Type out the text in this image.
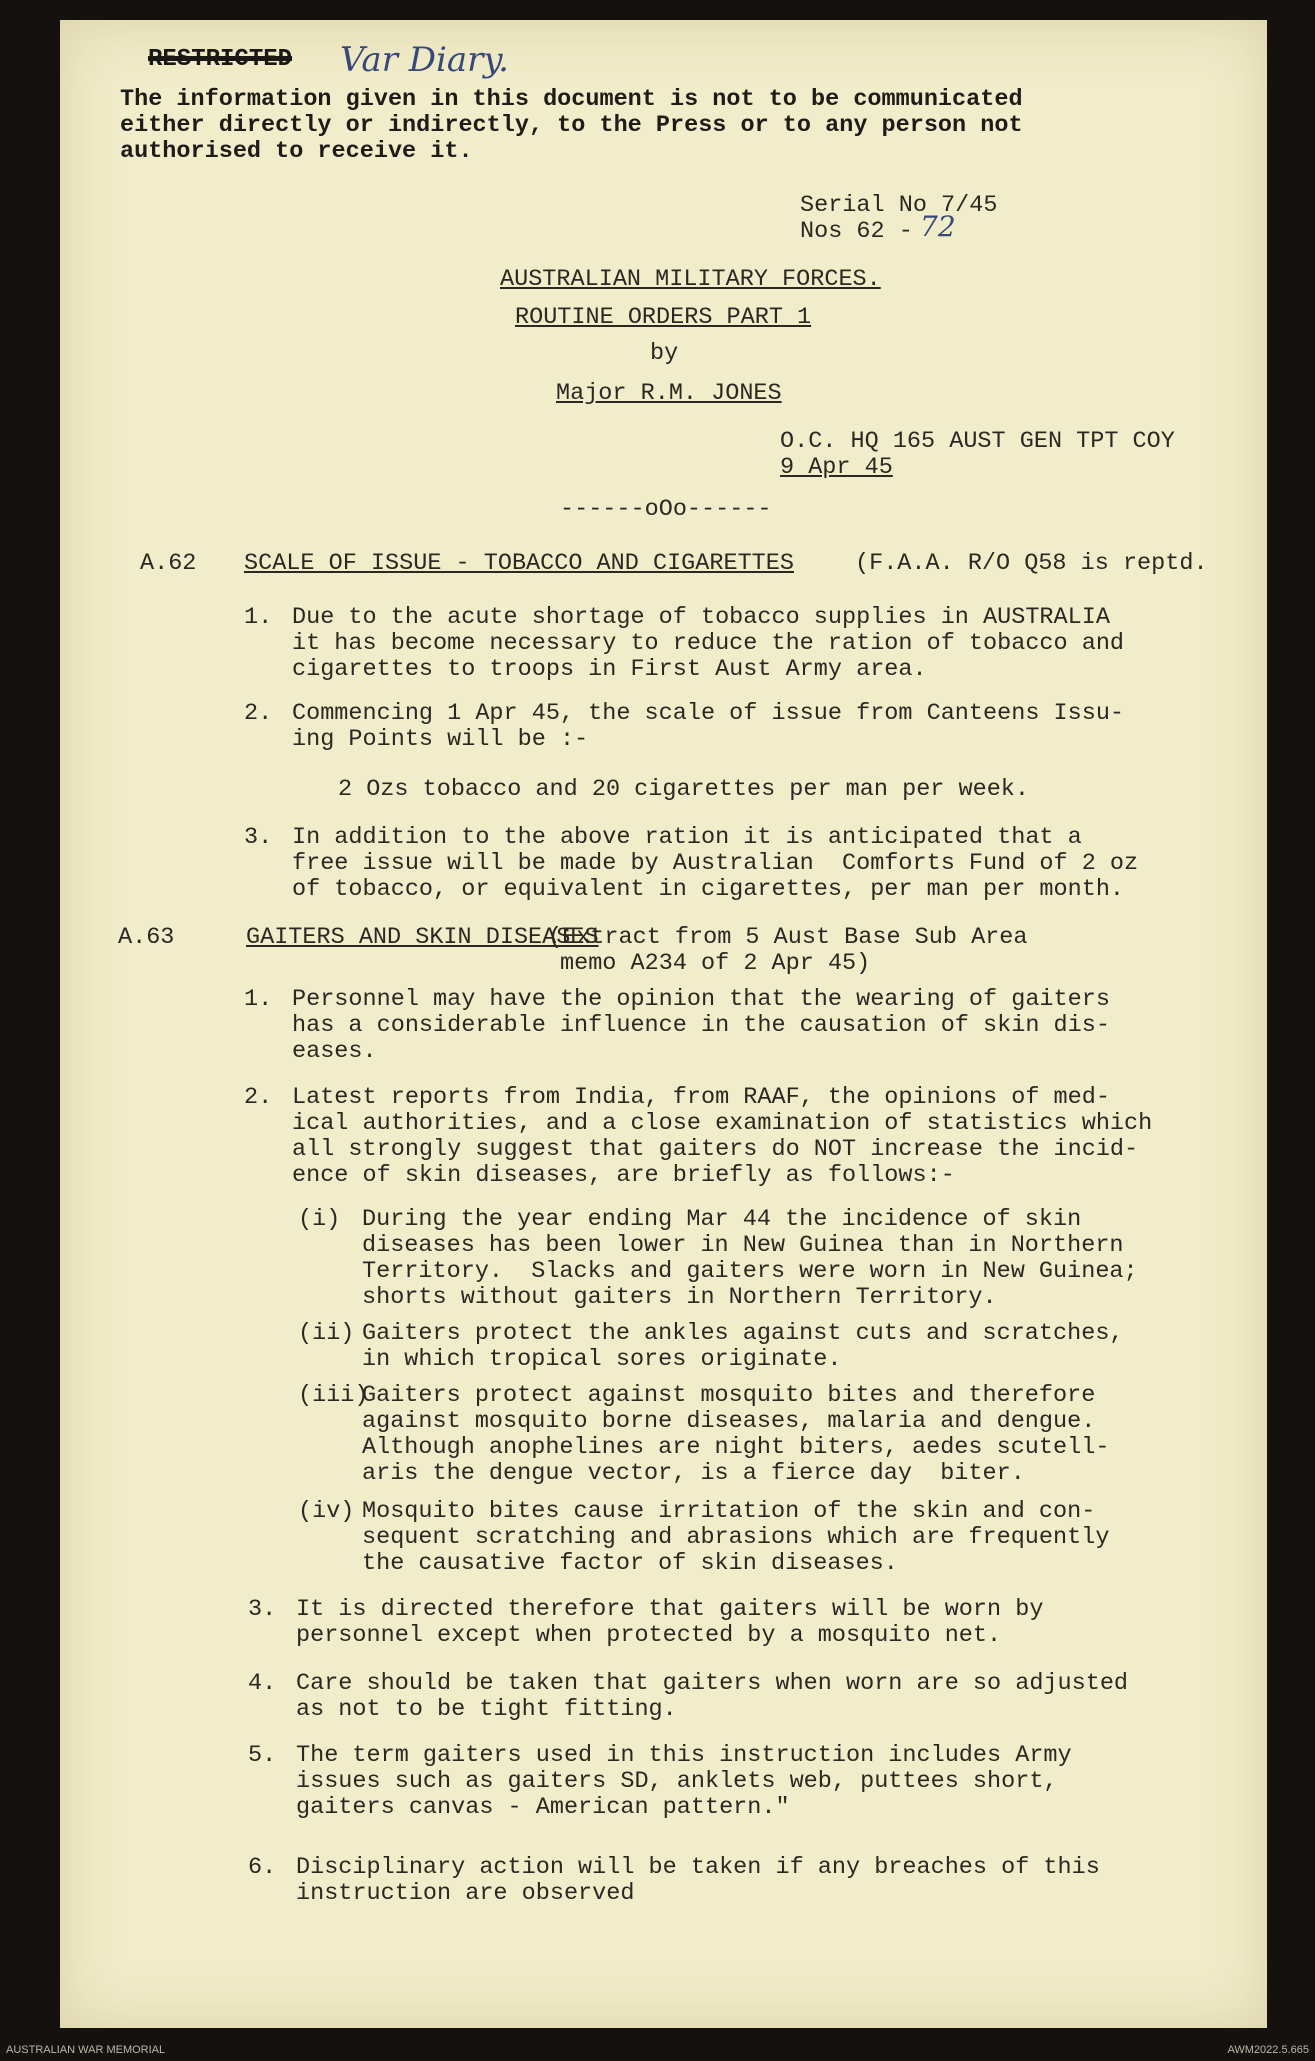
RESTRICTED Var Diary.
The information given in this document is not to be communicated
either directly or indirectly, to the Press or to any person not
authorised to receive it.
Serial No 7/45
Nos 62 - 72
AUSTRALIAN MILITARY FORCES.
ROUTINE ORDERS PART 1
by
Major R.M. JONES
O.C. HQ 165 AUST GEN TPT COY
9 Apr 45
------oOo------
A.62 SCALE OF ISSUE - TOBACCO AND CIGARETTES	(F.A.A. R/O Q58 is reptd.
1. Due to the acute shortage of tobacco supplies in AUSTRALIA
it has become necessary to reduce the ration of tobacco and
cigarettes to troops in First Aust Army area.
2. Commencing 1 Apr 45, the scale of issue from Canteens Issu-
ing Points will be :-
2 Ozs tobacco and 20 cigarettes per man per week.
3. In addition to the above ration it is anticipated that a
free issue will be made by Australian  Comforts Fund of 2 oz
of tobacco, or equivalent in cigarettes, per man per month.
A.63	GAITERS AND SKIN DISEASES
(Extract from 5 Aust Base Sub Area
memo A234 of 2 Apr 45)
1. Personnel may have the opinion that the wearing of gaiters
has a considerable influence in the causation of skin dis-
eases.
2. Latest reports from India, from RAAF, the opinions of med-
ical authorities, and a close examination of statistics which
all strongly suggest that gaiters do NOT increase the incid-
ence of skin diseases, are briefly as follows:-
(i) During the year ending Mar 44 the incidence of skin
diseases has been lower in New Guinea than in Northern
Territory.  Slacks and gaiters were worn in New Guinea;
shorts without gaiters in Northern Territory.
(ii) Gaiters protect the ankles against cuts and scratches,
in which tropical sores originate.
(iii)
Gaiters protect against mosquito bites and therefore
against mosquito borne diseases, malaria and dengue.
Although anophelines are night biters, aedes scutell-
aris the dengue vector, is a fierce day  biter.
(iv) Mosquito bites cause irritation of the skin and con-
sequent scratching and abrasions which are frequently
the causative factor of skin diseases.
3. It is directed therefore that gaiters will be worn by
personnel except when protected by a mosquito net.
4. Care should be taken that gaiters when worn are so adjusted
as not to be tight fitting.
5. The term gaiters used in this instruction includes Army
issues such as gaiters SD, anklets web, puttees short,
gaiters canvas - American pattern."
6. Disciplinary action will be taken if any breaches of this
instruction are observed
AUSTRALIAN WAR MEMORIAL	AWM2022.5.665
